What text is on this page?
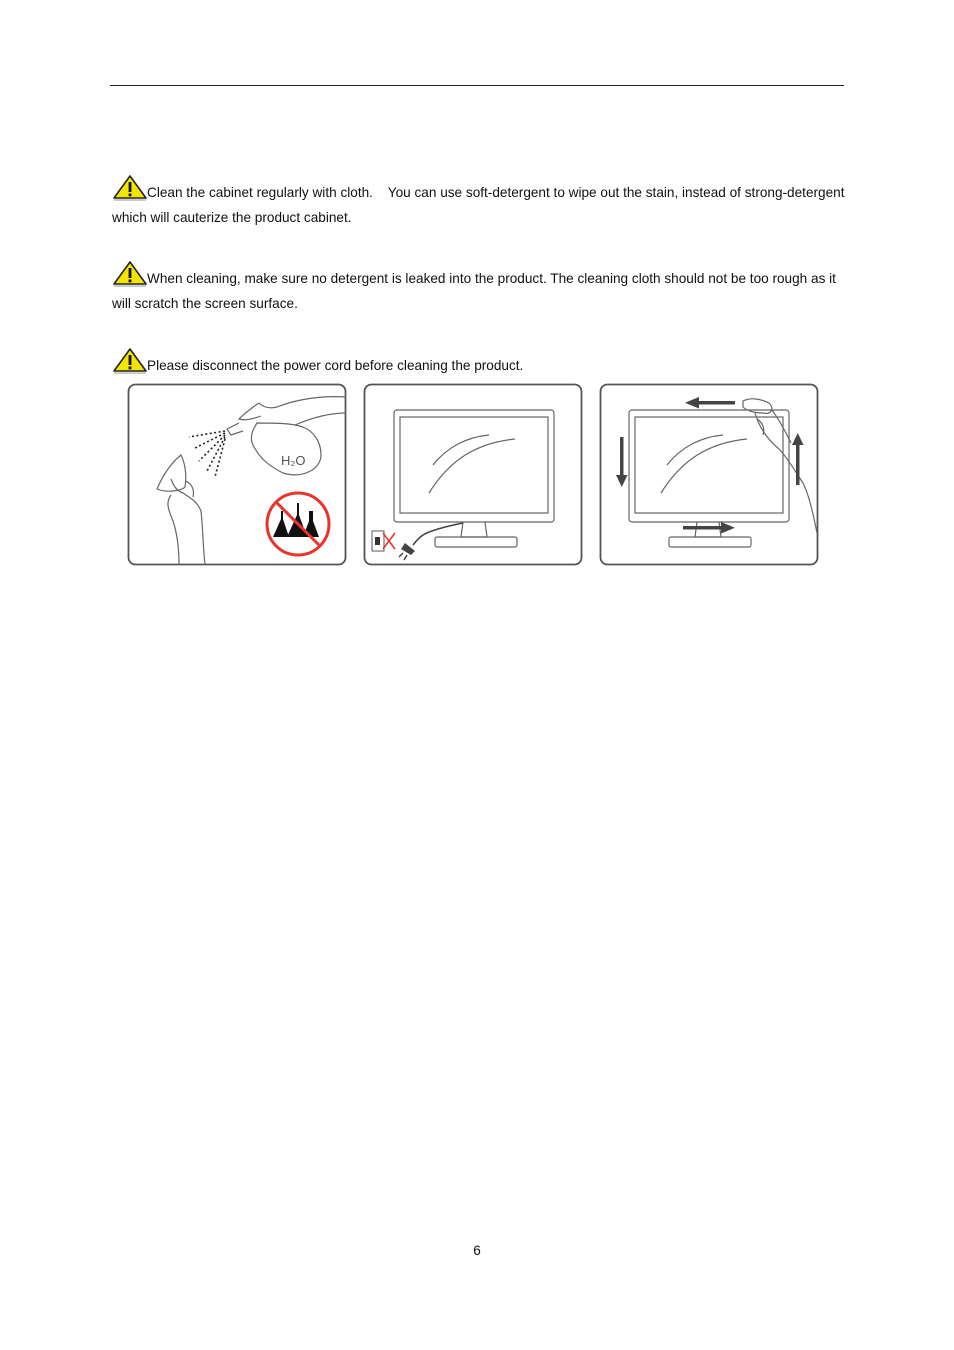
Clean the cabinet regularly with cloth.    You can use soft-detergent to wipe out the stain, instead of strong-detergent which will cauterize the product cabinet.
When cleaning, make sure no detergent is leaked into the product. The cleaning cloth should not be too rough as it will scratch the screen surface.
Please disconnect the power cord before cleaning the product.
H₂O
6
